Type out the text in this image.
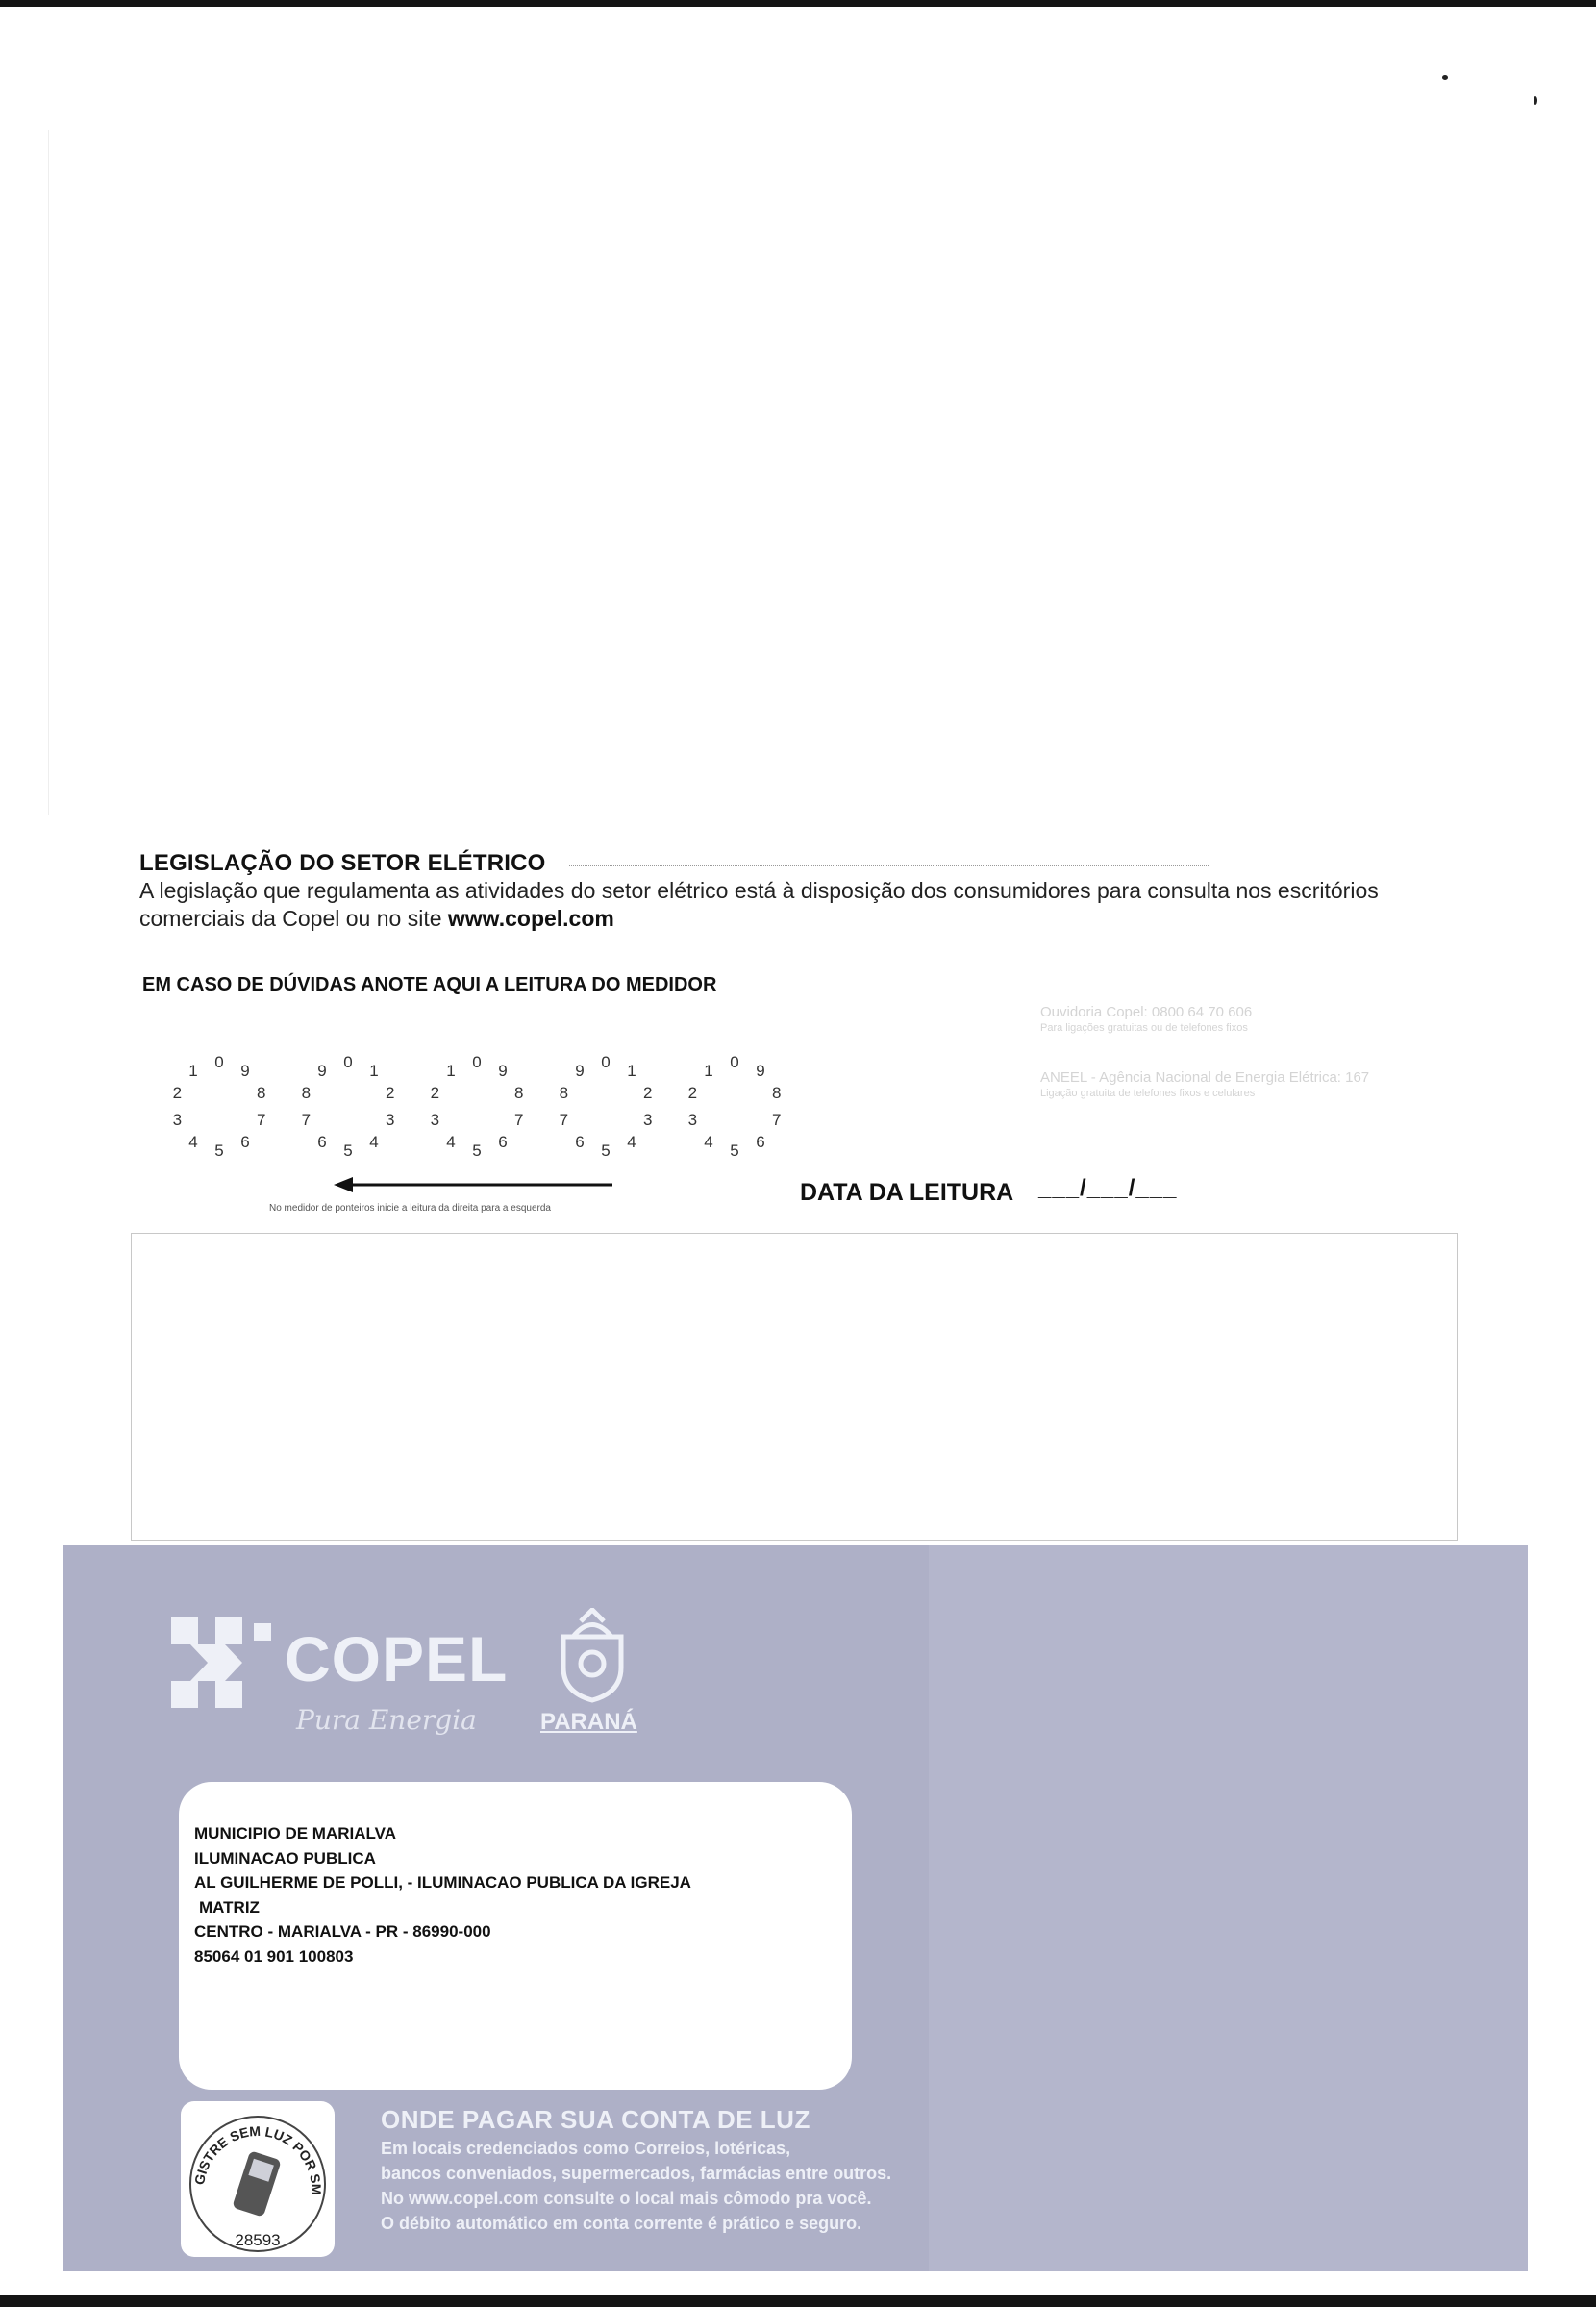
LEGISLAÇÃO DO SETOR ELÉTRICO
A legislação que regulamenta as atividades do setor elétrico está à disposição dos consumidores para consulta nos escritórios comerciais da Copel ou no site www.copel.com
EM CASO DE DÚVIDAS ANOTE AQUI A LEITURA DO MEDIDOR
Ouvidoria Copel: 0800 64 70 606
Para ligações gratuitas ou de telefones fixos
ANEEL - Agência Nacional de Energia Elétrica: 167
Ligação gratuita de telefones fixos e celulares
0
1
2
3
4 5 6
7
8
9	0 1
2
3
4
5
6
7
8
9	0
1
2
3
4 5 6
7
8
9	0 1
2
3
4
5
6
7
8
9	0
1
2
3
4 5 6
7
8
9
No medidor de ponteiros inicie a leitura da direita para a esquerda
DATA DA LEITURA ___/___/___
COPEL
Pura Energia	PARANÁ
MUNICIPIO DE MARIALVA
ILUMINACAO PUBLICA
AL GUILHERME DE POLLI, - ILUMINACAO PUBLICA DA IGREJA
MATRIZ
CENTRO - MARIALVA - PR - 86990-000
85064 01 901 100803
GISTRE SEM LUZ POR SM
28593
ONDE PAGAR SUA CONTA DE LUZ
Em locais credenciados como Correios, lotéricas,
bancos conveniados, supermercados, farmácias entre outros.
No www.copel.com consulte o local mais cômodo pra você.
O débito automático em conta corrente é prático e seguro.
